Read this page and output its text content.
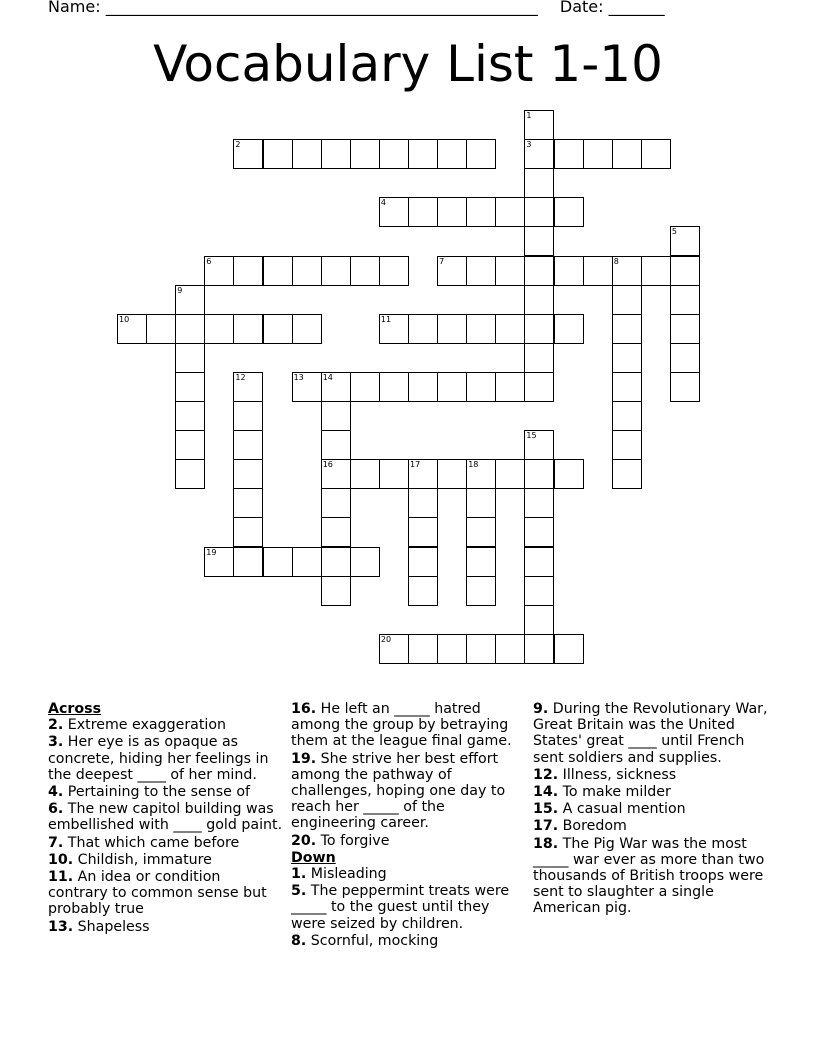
Name: ______________________________________________________ Date: _______
Vocabulary List 1-10
2	3
4
6	7
10	11
13
16
19
20
1
5
8
9
12	14
15
17	18
Across
2. Extreme exaggeration
3. Her eye is as opaque as concrete, hiding her feelings in the deepest ____ of her mind.
4. Pertaining to the sense of
6. The new capitol building was embellished with ____ gold paint.
7. That which came before
10. Childish, immature
11. An idea or condition contrary to common sense but probably true
13. Shapeless
16. He left an _____ hatred among the group by betraying them at the league final game.
19. She strive her best effort among the pathway of challenges, hoping one day to reach her _____ of the engineering career.
20. To forgive
Down
1. Misleading
5. The peppermint treats were _____ to the guest until they were seized by children.
8. Scornful, mocking
9. During the Revolutionary War, Great Britain was the United States' great ____ until French sent soldiers and supplies.
12. Illness, sickness
14. To make milder
15. A casual mention
17. Boredom
18. The Pig War was the most _____ war ever as more than two thousands of British troops were sent to slaughter a single American pig.
